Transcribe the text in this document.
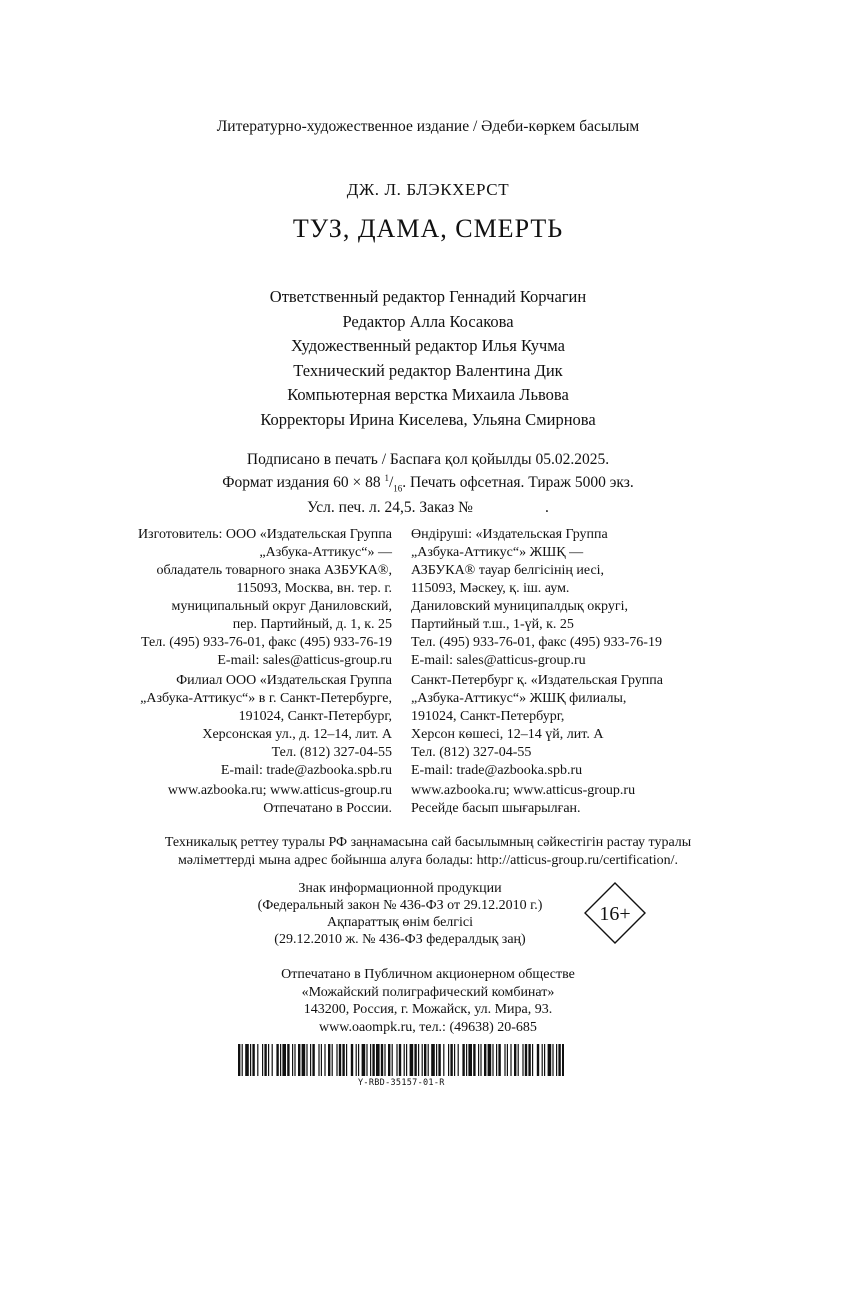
Литературно-художественное издание / Әдеби-көркем басылым
ДЖ. Л. БЛЭКХЕРСТ
ТУЗ, ДАМА, СМЕРТЬ
Ответственный редактор Геннадий Корчагин
Редактор Алла Косакова
Художественный редактор Илья Кучма
Технический редактор Валентина Дик
Компьютерная верстка Михаила Львова
Корректоры Ирина Киселева, Ульяна Смирнова
Подписано в печать / Баспаға қол қойылды 05.02.2025.
Формат издания 60 × 88 $^1/_{16}$. Печать офсетная. Тираж 5000 экз.
Усл. печ. л. 24,5. Заказ №	.
Изготовитель: ООО «Издательская Группа
„Азбука-Аттикус“» —
обладатель товарного знака АЗБУКА®,
115093, Москва, вн. тер. г.
муниципальный округ Даниловский,
пер. Партийный, д. 1, к. 25
Тел. (495) 933-76-01, факс (495) 933-76-19
E-mail: sales@atticus-group.ru
Өндіруші: «Издательская Группа
„Азбука-Аттикус“» ЖШҚ —
АЗБУКА® тауар белгісінің иесі,
115093, Мәскеу, қ. іш. аум.
Даниловский муниципалдық округі,
Партийный т.ш., 1-үй, к. 25
Тел. (495) 933-76-01, факс (495) 933-76-19
E-mail: sales@atticus-group.ru
Филиал ООО «Издательская Группа
„Азбука-Аттикус“» в г. Санкт-Петербурге,
191024, Санкт-Петербург,
Херсонская ул., д. 12–14, лит. А
Тел. (812) 327-04-55
E-mail: trade@azbooka.spb.ru
Санкт-Петербург қ. «Издательская Группа
„Азбука-Аттикус“» ЖШҚ филиалы,
191024, Санкт-Петербург,
Херсон көшесі, 12–14 үй, лит. А
Тел. (812) 327-04-55
E-mail: trade@azbooka.spb.ru
www.azbooka.ru; www.atticus-group.ru
Отпечатано в России.
www.azbooka.ru; www.atticus-group.ru
Ресейде басып шығарылған.
Техникалық реттеу туралы РФ заңнамасына сай басылымның сәйкестігін растау туралы
мәліметтерді мына адрес бойынша алуға болады: http://atticus-group.ru/certification/.
Знак информационной продукции
(Федеральный закон № 436-ФЗ от 29.12.2010 г.)
Ақпараттық өнім белгісі
(29.12.2010 ж. № 436-ФЗ федералдық заң)
16+
Отпечатано в Публичном акционерном обществе
«Можайский полиграфический комбинат»
143200, Россия, г. Можайск, ул. Мира, 93.
www.oaompk.ru, тел.: (49638) 20-685
Y-RBD-35157-01-R
